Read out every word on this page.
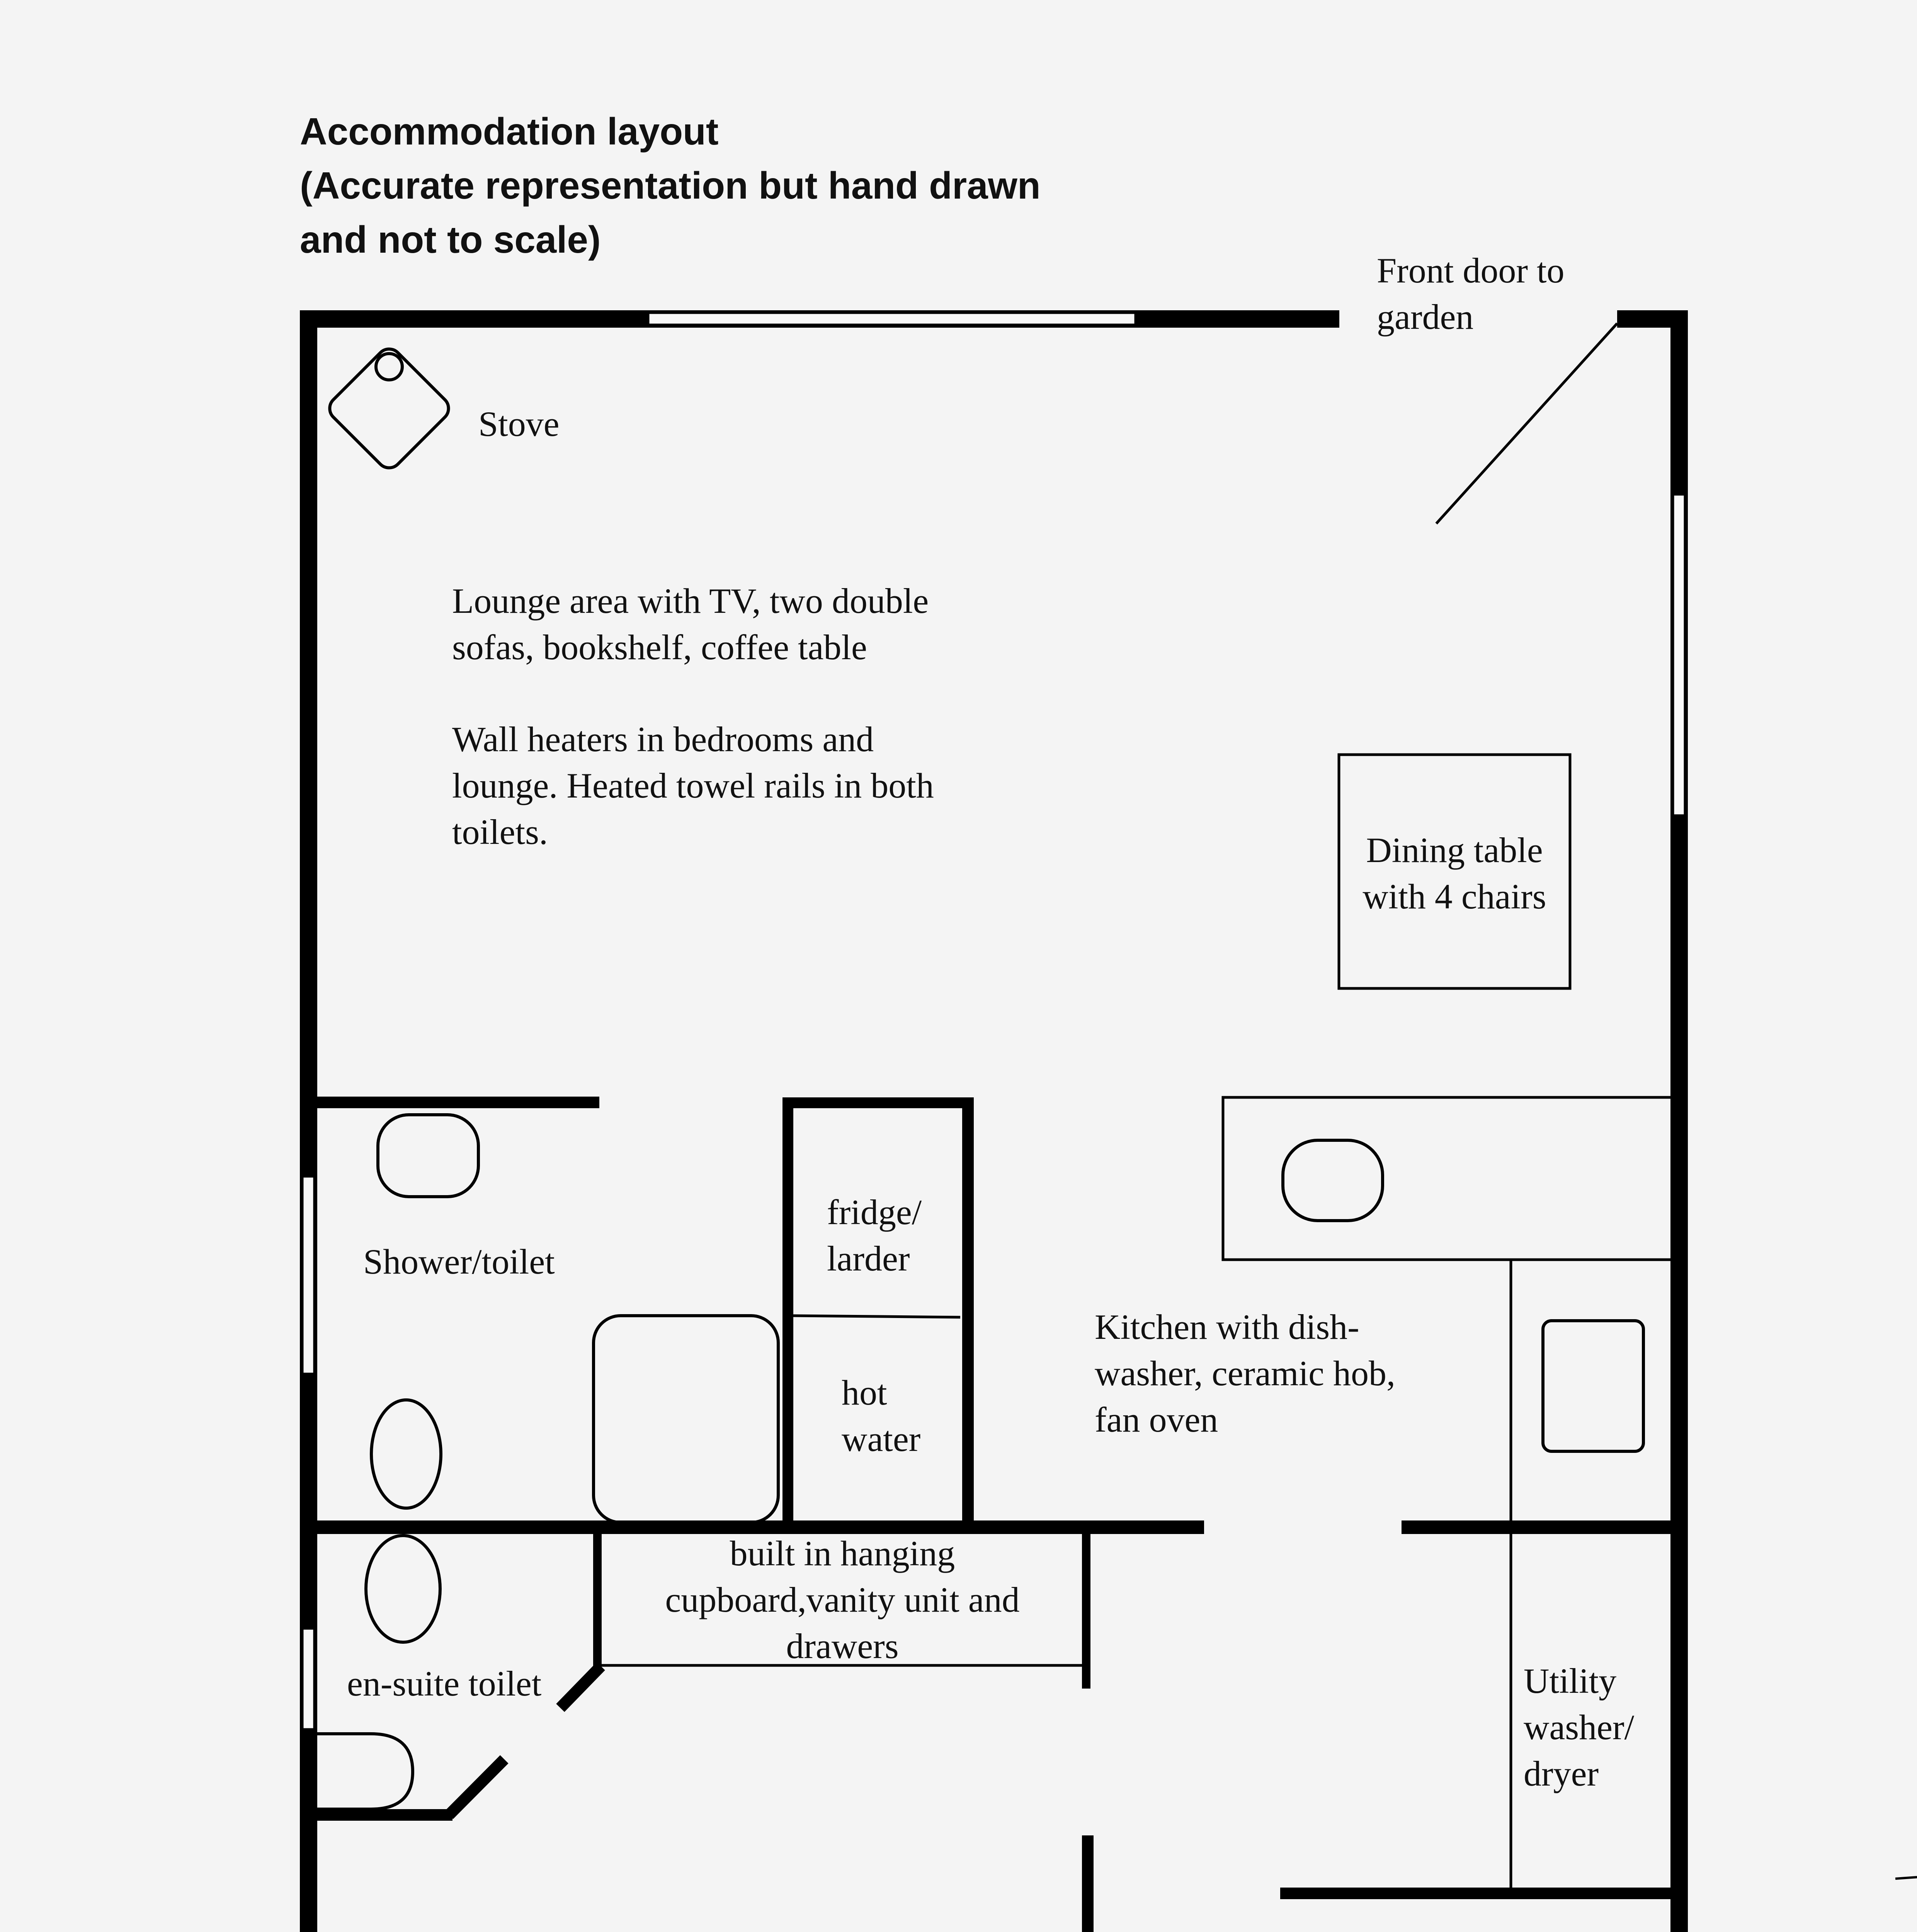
Accommodation layout
(Accurate representation but hand drawn
and not to scale)
Front door to
garden
Stove
Lounge area with TV, two double
sofas, bookshelf, coffee table
Wall heaters in bedrooms and
lounge. Heated towel rails in both
toilets.	Dining table
with 4 chairs
fridge/
larder
hot
water
Shower/toilet
Kitchen with dish-
washer, ceramic hob,
fan oven
built in hanging
cupboard,vanity unit and
drawers
en-suite toilet	Utility
washer/
dryer
